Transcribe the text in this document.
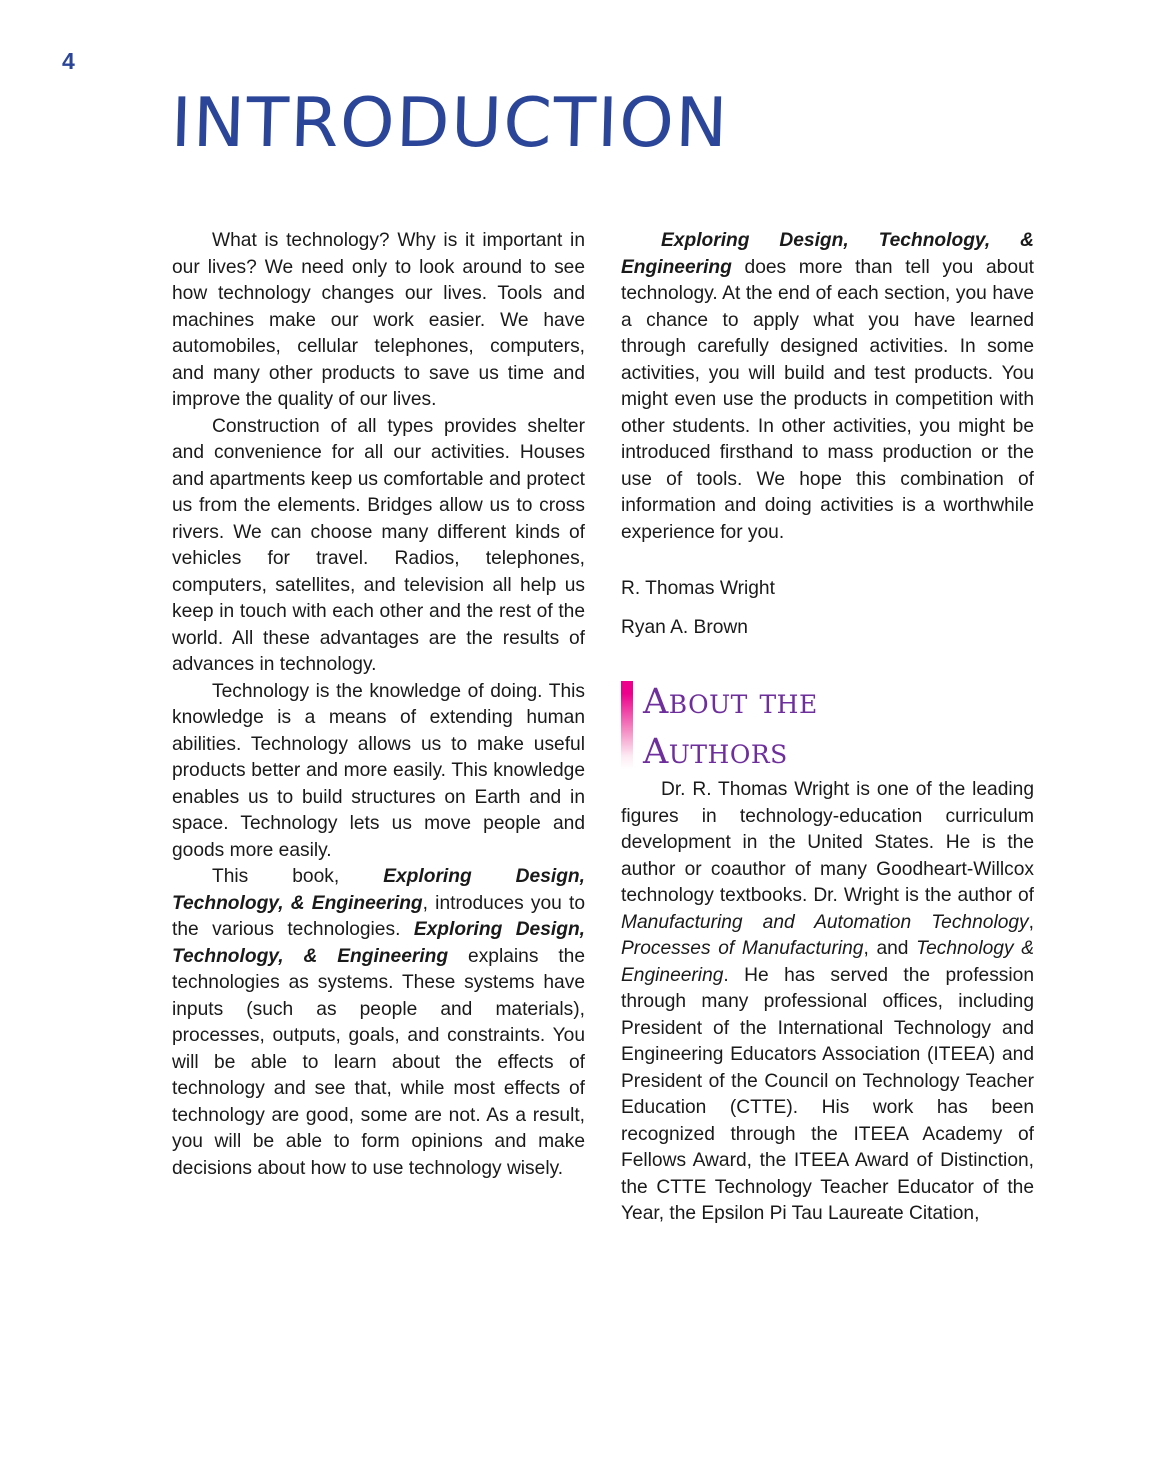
4
INTRODUCTION

What is technology? Why is it important in our lives? We need only to look around to see how technology changes our lives. Tools and machines make our work easier. We have automobiles, cellular telephones, computers, and many other products to save us time and improve the quality of our lives.

Construction of all types provides shelter and convenience for all our activities. Houses and apartments keep us comfortable and protect us from the elements. Bridges allow us to cross rivers. We can choose many different kinds of vehicles for travel. Radios, telephones, computers, satellites, and television all help us keep in touch with each other and the rest of the world. All these advantages are the results of advances in technology.

Technology is the knowledge of doing. This knowledge is a means of extending human abilities. Technology allows us to make useful products better and more easily. This knowledge enables us to build structures on Earth and in space. Technology lets us move people and goods more easily.

This book, Exploring Design, Technology, & Engineering, introduces you to the various technologies. Exploring Design, Technology, & Engineering explains the technologies as systems. These systems have inputs (such as people and materials), processes, outputs, goals, and constraints. You will be able to learn about the effects of technology and see that, while most effects of technology are good, some are not. As a result, you will be able to form opinions and make decisions about how to use technology wisely.

Exploring Design, Technology, & Engineering does more than tell you about technology. At the end of each section, you have a chance to apply what you have learned through carefully designed activities. In some activities, you will build and test products. You might even use the products in competition with other students. In other activities, you might be introduced firsthand to mass production or the use of tools. We hope this combination of information and doing activities is a worthwhile experience for you.

R. Thomas Wright

Ryan A. Brown

About the
Authors

Dr. R. Thomas Wright is one of the leading figures in technology-education curriculum development in the United States. He is the author or coauthor of many Goodheart-Willcox technology textbooks. Dr. Wright is the author of Manufacturing and Automation Technology, Processes of Manufacturing, and Technology & Engineering. He has served the profession through many professional offices, including President of the International Technology and Engineering Educators Association (ITEEA) and President of the Council on Technology Teacher Education (CTTE). His work has been recognized through the ITEEA Academy of Fellows Award, the ITEEA Award of Distinction, the CTTE Technology Teacher Educator of the Year, the Epsilon Pi Tau Laureate Citation,
